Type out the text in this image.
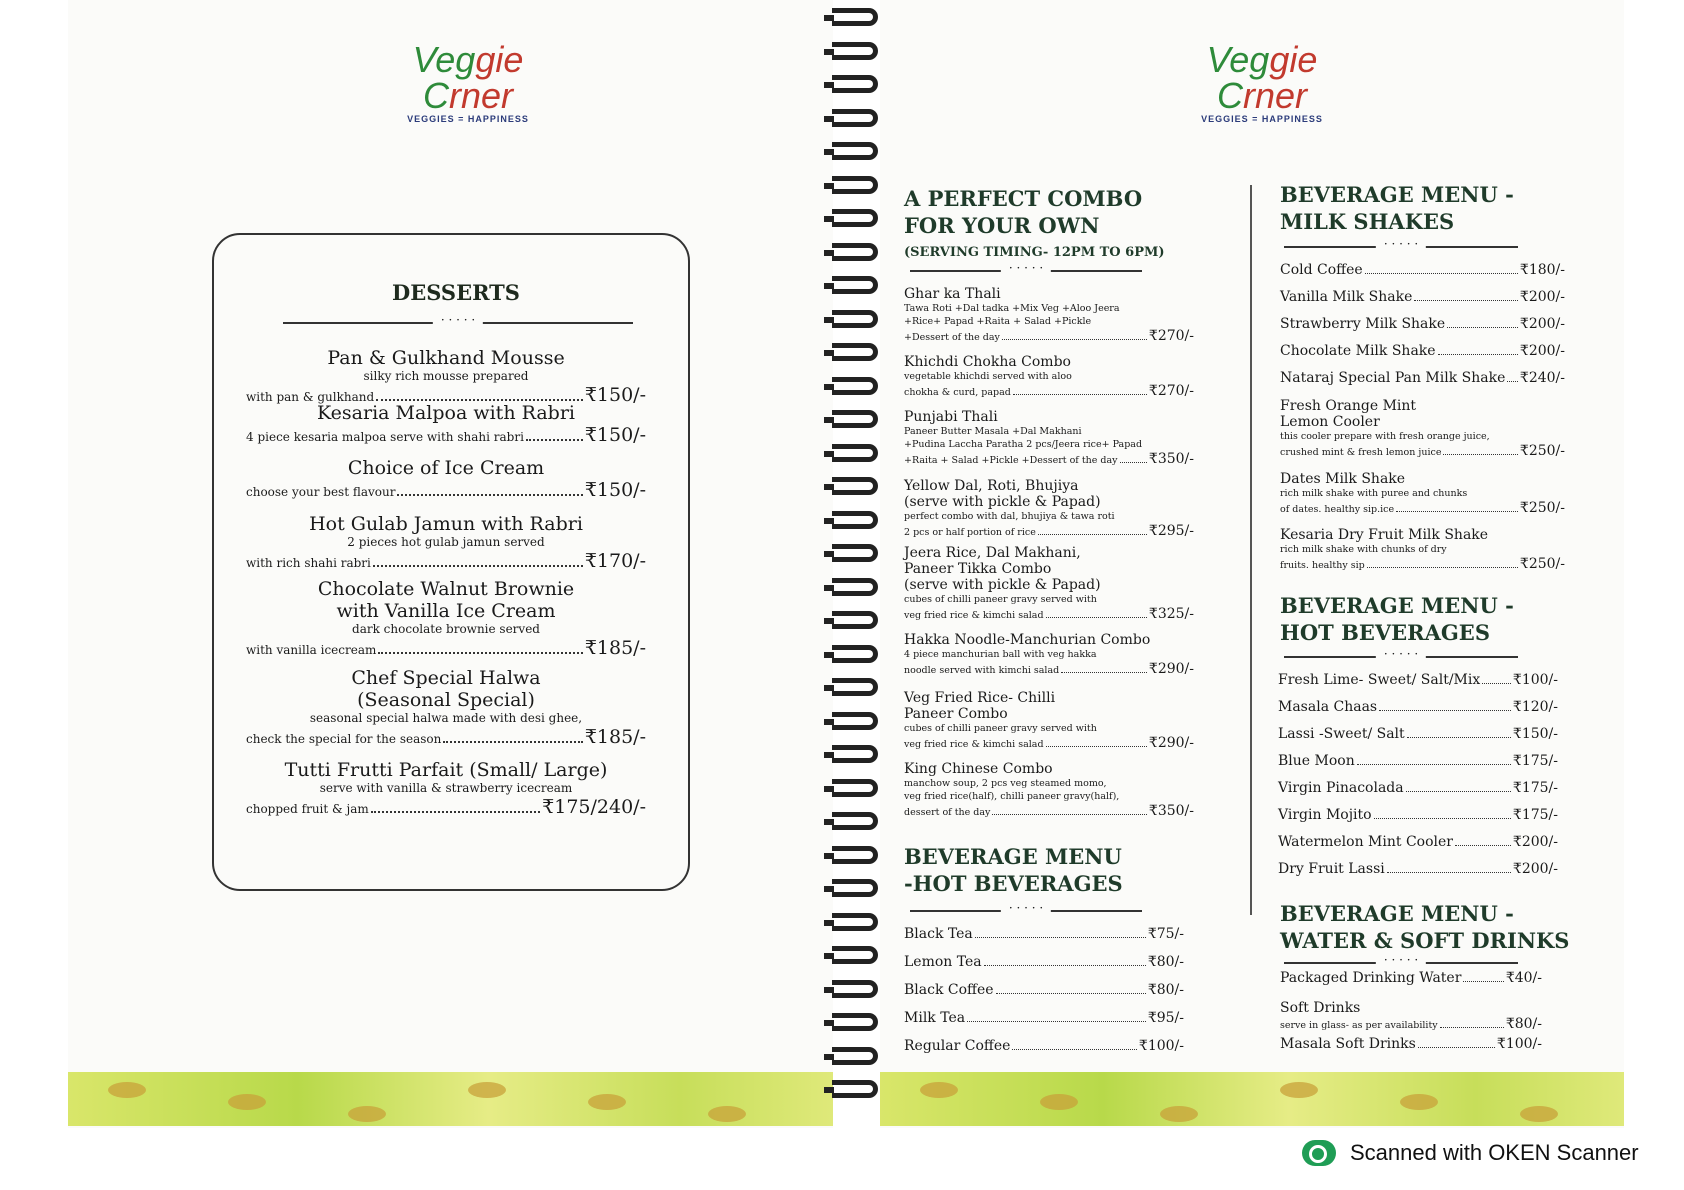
Veggie Crner
VEGGIES = HAPPINESS
Veggie Crner
VEGGIES = HAPPINESS
DESSERTS
· · ·
Pan & Gulkhand Mousse
silky rich mousse prepared
with pan & gulkhand	₹150/-
Kesaria Malpoa with Rabri
4 piece kesaria malpoa serve with shahi rabri	₹150/-
Choice of Ice Cream
choose your best flavour	₹150/-
Hot Gulab Jamun with Rabri
2 pieces hot gulab jamun served
with rich shahi rabri	₹170/-
Chocolate Walnut Brownie
with Vanilla Ice Cream
dark chocolate brownie served
with vanilla icecream	₹185/-
Chef Special Halwa
(Seasonal Special)
seasonal special halwa made with desi ghee,
check the special for the season	₹185/-
Tutti Frutti Parfait (Small/ Large)
serve with vanilla & strawberry icecream
chopped fruit & jam	₹175/240/-
A PERFECT COMBO
FOR YOUR OWN
(SERVING TIMING- 12PM TO 6PM)
· · ·
Ghar ka Thali
Tawa Roti +Dal tadka +Mix Veg +Aloo Jeera
+Rice+ Papad +Raita + Salad +Pickle
+Dessert of the day	₹270/-
Khichdi Chokha Combo
vegetable khichdi served with aloo
chokha & curd, papad	₹270/-
Punjabi Thali
Paneer Butter Masala +Dal Makhani
+Pudina Laccha Paratha 2 pcs/Jeera rice+ Papad
+Raita + Salad +Pickle +Dessert of the day ₹350/-
Yellow Dal, Roti, Bhujiya
(serve with pickle & Papad)
perfect combo with dal, bhujiya & tawa roti
2 pcs or half portion of rice	₹295/-
Jeera Rice, Dal Makhani,
Paneer Tikka Combo
(serve with pickle & Papad)
cubes of chilli paneer gravy served with
veg fried rice & kimchi salad	₹325/-
Hakka Noodle-Manchurian Combo
4 piece manchurian ball with veg hakka
noodle served with kimchi salad	₹290/-
Veg Fried Rice- Chilli
Paneer Combo
cubes of chilli paneer gravy served with
veg fried rice & kimchi salad	₹290/-
King Chinese Combo
manchow soup, 2 pcs veg steamed momo,
veg fried rice(half), chilli paneer gravy(half),
dessert of the day	₹350/-
BEVERAGE MENU
-HOT BEVERAGES
· · ·
Black Tea	₹75/-
Lemon Tea	₹80/-
Black Coffee	₹80/-
Milk Tea	₹95/-
Regular Coffee	₹100/-
BEVERAGE MENU -
MILK SHAKES
· · ·
Cold Coffee	₹180/-
Vanilla Milk Shake	₹200/-
Strawberry Milk Shake	₹200/-
Chocolate Milk Shake	₹200/-
Nataraj Special Pan Milk Shake ₹240/-
Fresh Orange Mint
Lemon Cooler
this cooler prepare with fresh orange juice,
crushed mint & fresh lemon juice	₹250/-
Dates Milk Shake
rich milk shake with puree and chunks
of dates. healthy sip.ice	₹250/-
Kesaria Dry Fruit Milk Shake
rich milk shake with chunks of dry
fruits. healthy sip	₹250/-
BEVERAGE MENU -
HOT BEVERAGES
· · ·
Fresh Lime- Sweet/ Salt/Mix ₹100/-
Masala Chaas	₹120/-
Lassi -Sweet/ Salt	₹150/-
Blue Moon	₹175/-
Virgin Pinacolada	₹175/-
Virgin Mojito	₹175/-
Watermelon Mint Cooler	₹200/-
Dry Fruit Lassi	₹200/-
BEVERAGE MENU -
WATER & SOFT DRINKS
· · ·
Packaged Drinking Water	₹40/-
Soft Drinks
serve in glass- as per availability	₹80/-
Masala Soft Drinks	₹100/-
Scanned with OKEN Scanner
